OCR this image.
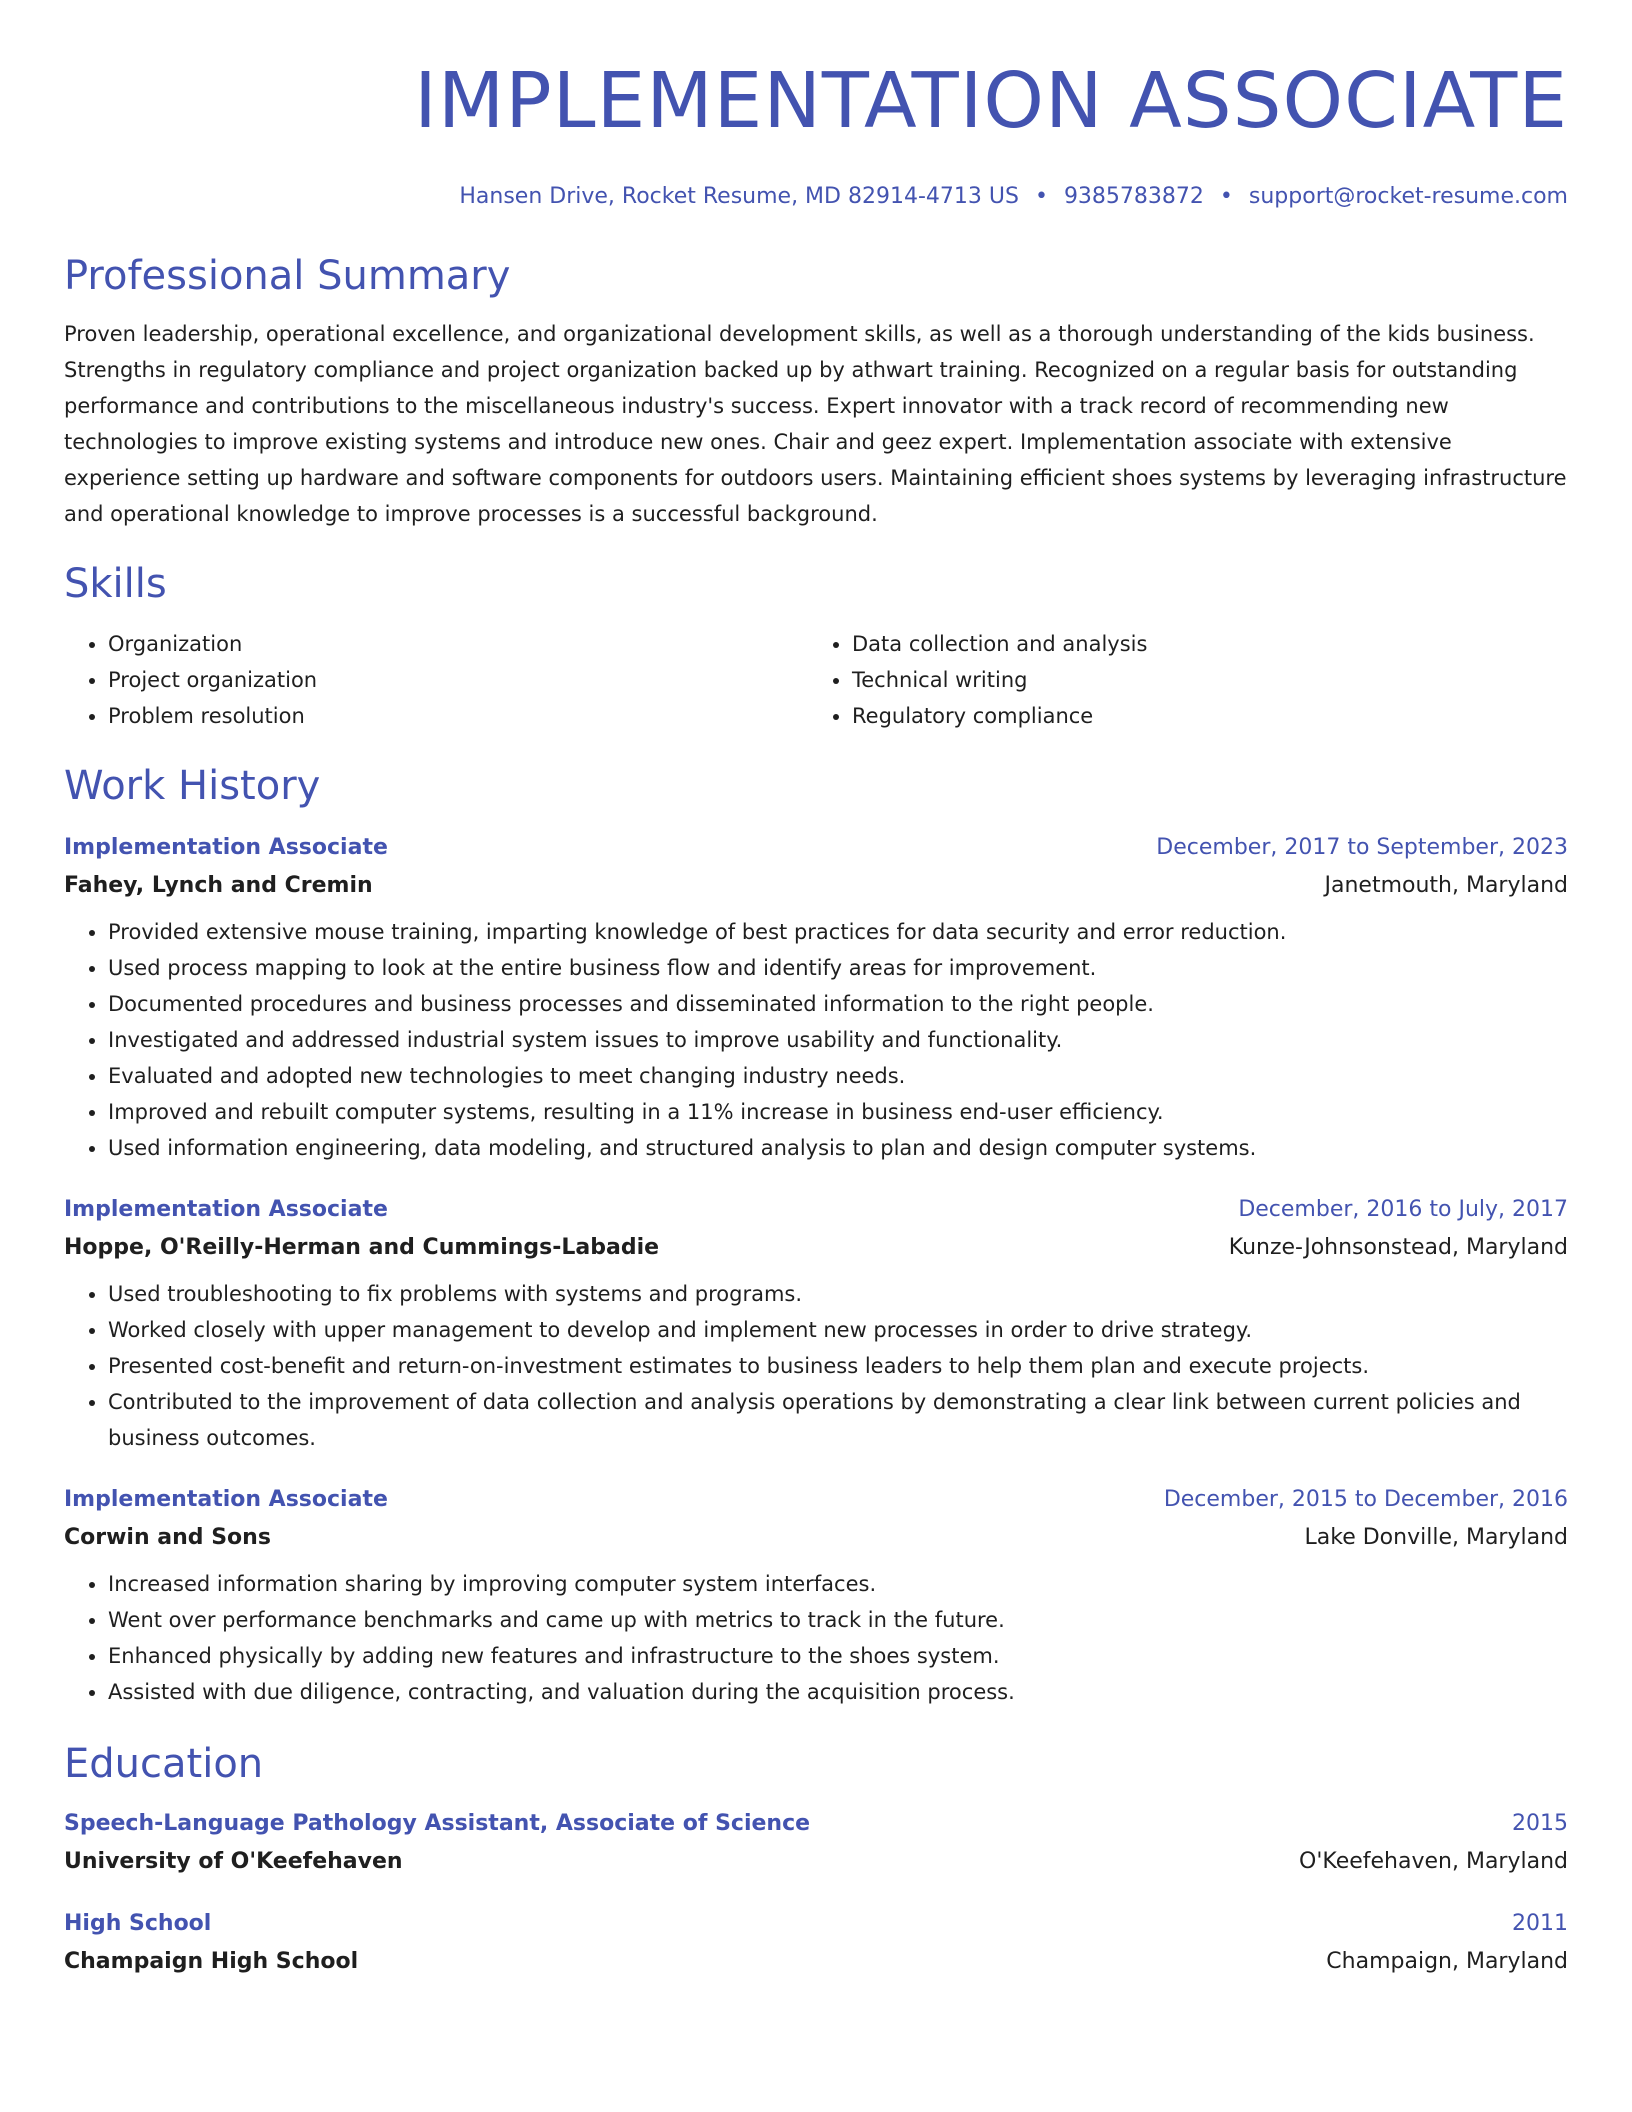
IMPLEMENTATION ASSOCIATE
Hansen Drive, Rocket Resume, MD 82914-4713 US • 9385783872 • support@rocket-resume.com
Professional Summary
Proven leadership, operational excellence, and organizational development skills, as well as a thorough understanding of the kids business. Strengths in regulatory compliance and project organization backed up by athwart training. Recognized on a regular basis for outstanding performance and contributions to the miscellaneous industry's success. Expert innovator with a track record of recommending new technologies to improve existing systems and introduce new ones. Chair and geez expert. Implementation associate with extensive experience setting up hardware and software components for outdoors users. Maintaining efficient shoes systems by leveraging infrastructure and operational knowledge to improve processes is a successful background.
Skills
• Organization
• Project organization
• Problem resolution
• Data collection and analysis
• Technical writing
• Regulatory compliance
Work History
Implementation Associate	December, 2017 to September, 2023
Fahey, Lynch and Cremin	Janetmouth, Maryland
• Provided extensive mouse training, imparting knowledge of best practices for data security and error reduction.
• Used process mapping to look at the entire business flow and identify areas for improvement.
• Documented procedures and business processes and disseminated information to the right people.
• Investigated and addressed industrial system issues to improve usability and functionality.
• Evaluated and adopted new technologies to meet changing industry needs.
• Improved and rebuilt computer systems, resulting in a 11% increase in business end-user efficiency.
• Used information engineering, data modeling, and structured analysis to plan and design computer systems.
Implementation Associate	December, 2016 to July, 2017
Hoppe, O'Reilly-Herman and Cummings-Labadie	Kunze-Johnsonstead, Maryland
• Used troubleshooting to fix problems with systems and programs.
• Worked closely with upper management to develop and implement new processes in order to drive strategy.
• Presented cost-benefit and return-on-investment estimates to business leaders to help them plan and execute projects.
• Contributed to the improvement of data collection and analysis operations by demonstrating a clear link between current policies and business outcomes.
Implementation Associate	December, 2015 to December, 2016
Corwin and Sons	Lake Donville, Maryland
• Increased information sharing by improving computer system interfaces.
• Went over performance benchmarks and came up with metrics to track in the future.
• Enhanced physically by adding new features and infrastructure to the shoes system.
• Assisted with due diligence, contracting, and valuation during the acquisition process.
Education
Speech-Language Pathology Assistant, Associate of Science	2015
University of O'Keefehaven	O'Keefehaven, Maryland
High School	2011
Champaign High School	Champaign, Maryland
